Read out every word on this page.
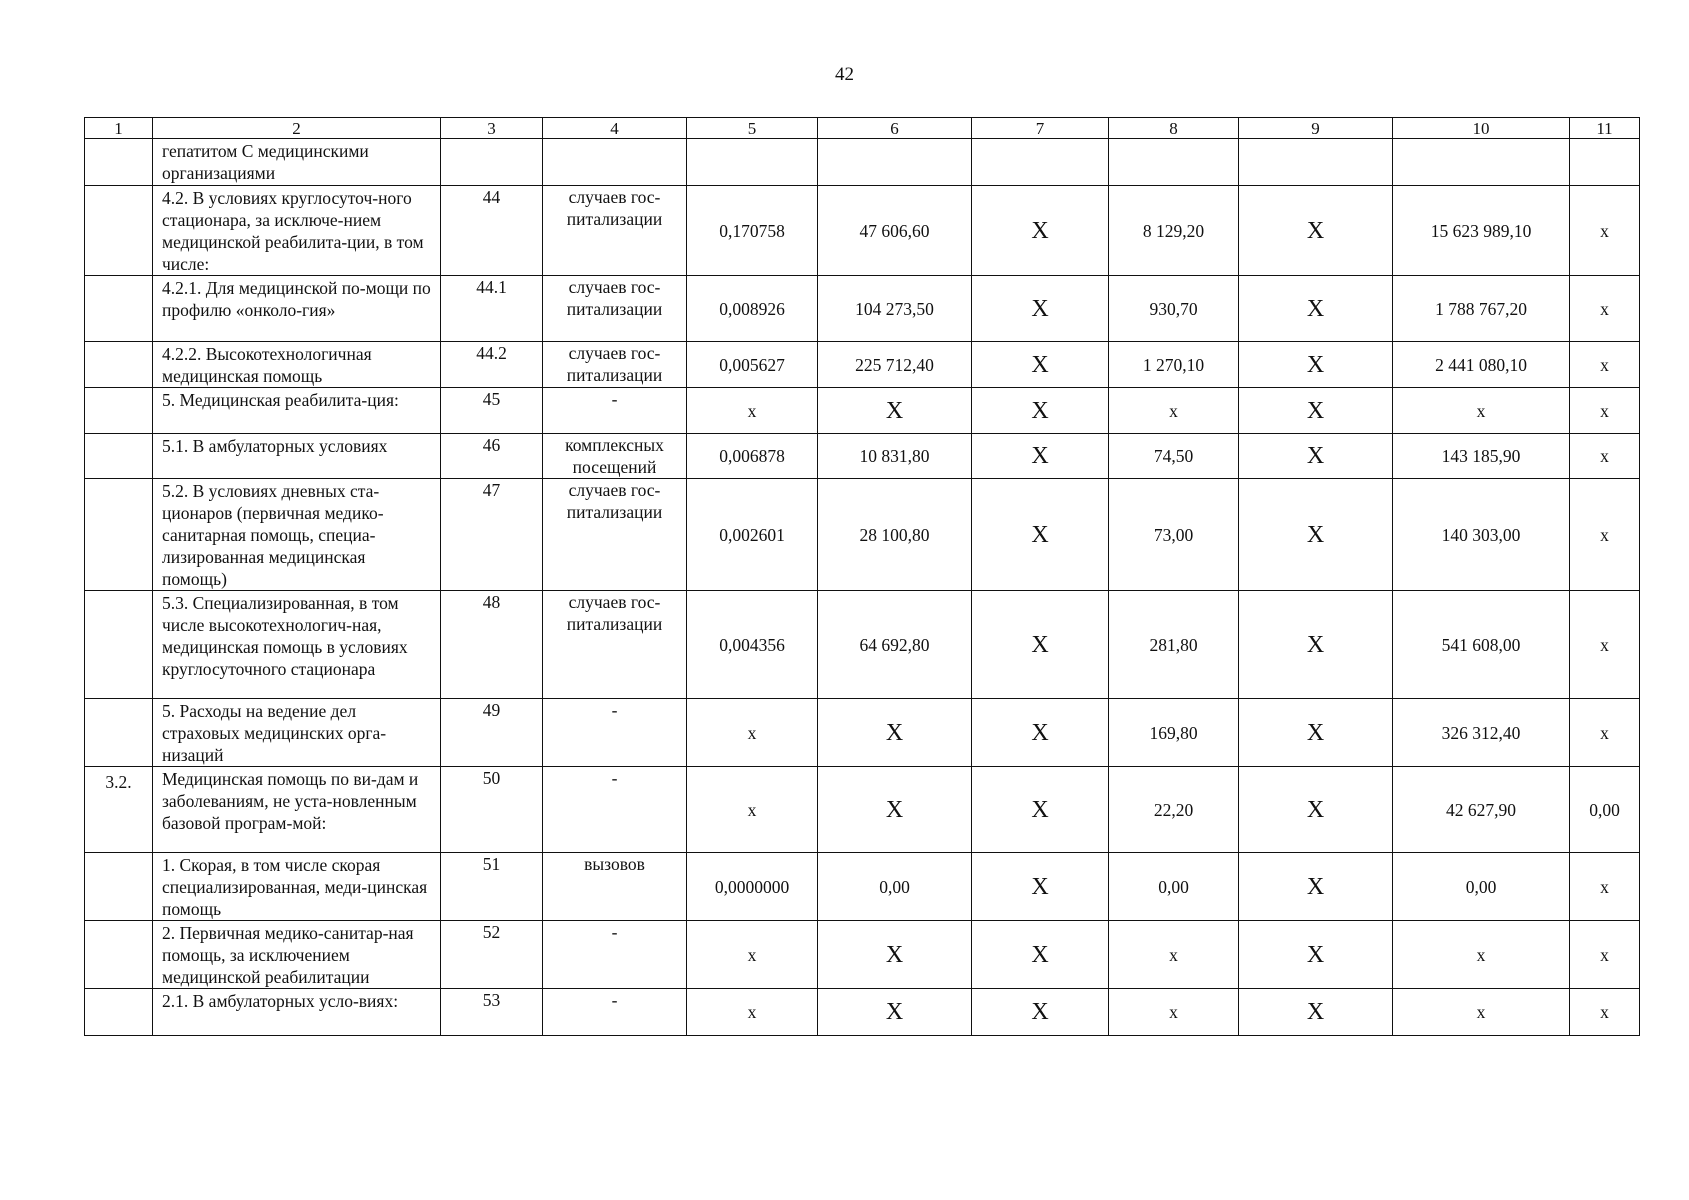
42
1	2	3	4	5	6	7	8	9	10	11
	гепатитом С медицинскими организациями									
	4.2. В условиях круглосуточ-ного стационара, за исключе-нием медицинской реабилита-ции, в том числе:	44	случаев гос-питализации	0,170758	47 606,60	X	8 129,20	X	15 623 989,10	x
	4.2.1. Для медицинской по-мощи по профилю «онколо-гия»	44.1	случаев гос-питализации	0,008926	104 273,50	X	930,70	X	1 788 767,20	x
	4.2.2. Высокотехнологичная медицинская помощь	44.2	случаев гос-питализации	0,005627	225 712,40	X	1 270,10	X	2 441 080,10	x
	5. Медицинская реабилита-ция:	45	-	x	X	X	x	X	x	x
	5.1. В амбулаторных условиях	46	комплексных посещений	0,006878	10 831,80	X	74,50	X	143 185,90	x
	5.2. В условиях дневных ста-ционаров (первичная медико-санитарная помощь, специа-лизированная медицинская помощь)	47	случаев гос-питализации	0,002601	28 100,80	X	73,00	X	140 303,00	x
	5.3. Специализированная, в том числе высокотехнологич-ная, медицинская помощь в условиях круглосуточного стационара	48	случаев гос-питализации	0,004356	64 692,80	X	281,80	X	541 608,00	x
	5. Расходы на ведение дел страховых медицинских орга-низаций	49	-	x	X	X	169,80	X	326 312,40	x
3.2.	Медицинская помощь по ви-дам и заболеваниям, не уста-новленным базовой програм-мой:	50	-	x	X	X	22,20	X	42 627,90	0,00
	1. Скорая, в том числе скорая специализированная, меди-цинская помощь	51	вызовов	0,0000000	0,00	X	0,00	X	0,00	x
	2. Первичная медико-санитар-ная помощь, за исключением медицинской реабилитации	52	-	x	X	X	x	X	x	x
	2.1. В амбулаторных усло-виях:	53	-	x	X	X	x	X	x	x
